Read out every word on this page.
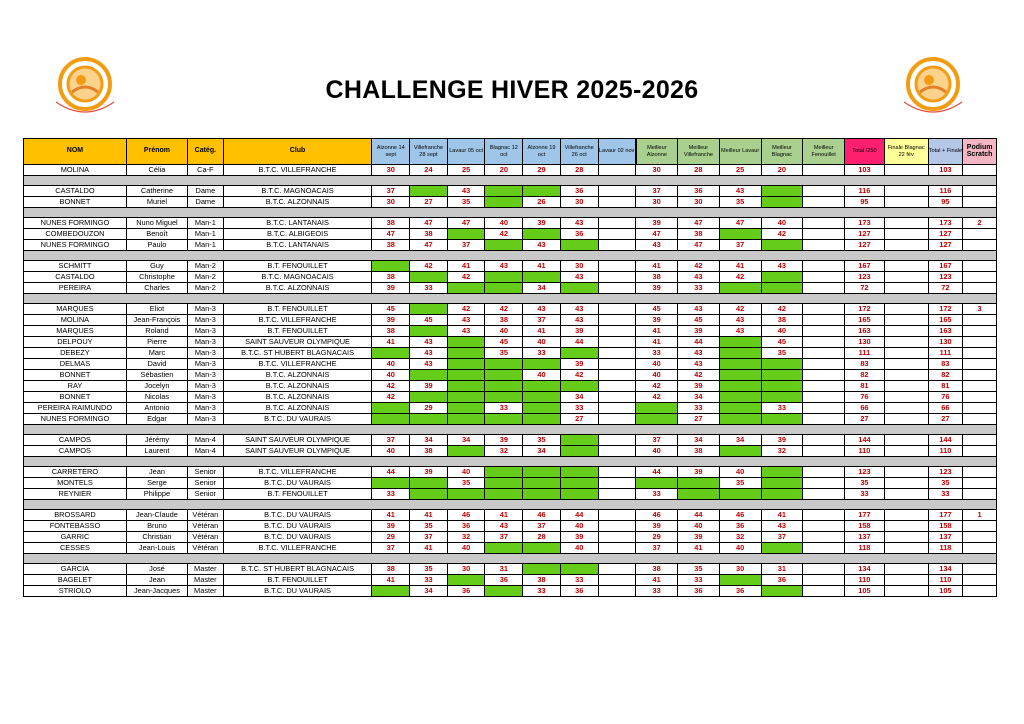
CHALLENGE HIVER 2025-2026
NOM	Prénom	Catég.	Club	Alzonne 14 sept	Villefranche 28 sept	Lavaur 05 oct	Blagnac 12 oct	Alzonne 19 oct	Villefranche 26 oct	Lavaur 02 nov	Meilleur Alzonne	Meilleur Villefranche	Meilleur Lavaur	Meilleur Blagnac	Meilleur Fenouillet	Total /250	Finale Blagnac 22 fév	Total + Finale	Podium Scratch
MOLINA	Célia	Ca-F	B.T.C. VILLEFRANCHE	30	24	25	20	29	28		30	28	25	20		103		103	

CASTALDO	Catherine	Dame	B.T.C. MAGNOACAIS	37		43			36		37	36	43			116		116	
BONNET	Muriel	Dame	B.T.C. ALZONNAIS	30	27	35		26	30		30	30	35			95		95	

NUNES FORMINGO	Nuno Miguel	Man-1	B.T.C. LANTANAIS	38	47	47	40	39	43		39	47	47	40		173		173	2
COMBEDOUZON	Benoît	Man-1	B.T.C. ALBIGEOIS	47	38		42		36		47	38		42		127		127	
NUNES FORMINGO	Paulo	Man-1	B.T.C. LANTANAIS	38	47	37		43			43	47	37			127		127	

SCHMITT	Guy	Man-2	B.T. FENOUILLET		42	41	43	41	30		41	42	41	43		167		167	
CASTALDO	Christophe	Man-2	B.T.C. MAGNOACAIS	38		42			43		38	43	42			123		123	
PEREIRA	Charles	Man-2	B.T.C. ALZONNAIS	39	33			34			39	33				72		72	

MARQUES	Eliot	Man-3	B.T. FENOUILLET	45		42	42	43	43		45	43	42	42		172		172	3
MOLINA	Jean-François	Man-3	B.T.C. VILLEFRANCHE	39	45	43	38	37	43		39	45	43	38		165		165	
MARQUES	Roland	Man-3	B.T. FENOUILLET	38		43	40	41	39		41	39	43	40		163		163	
DELPOUY	Pierre	Man-3	SAINT SAUVEUR OLYMPIQUE	41	43		45	40	44		41	44		45		130		130	
DEBEZY	Marc	Man-3	B.T.C. ST HUBERT BLAGNACAIS		43		35	33			33	43		35		111		111	
DELMAS	David	Man-3	B.T.C. VILLEFRANCHE	40	43				39		40	43				83		83	
BONNET	Sébastien	Man-3	B.T.C. ALZONNAIS	40				40	42		40	42				82		82	
RAY	Jocelyn	Man-3	B.T.C. ALZONNAIS	42	39						42	39				81		81	
BONNET	Nicolas	Man-3	B.T.C. ALZONNAIS	42					34		42	34				76		76	
PEREIRA RAIMUNDO	Antonio	Man-3	B.T.C. ALZONNAIS		29		33		33			33		33		66		66	
NUNES FORMINGO	Edgar	Man-3	B.T.C. DU VAURAIS						27			27				27		27	

CAMPOS	Jérémy	Man-4	SAINT SAUVEUR OLYMPIQUE	37	34	34	39	35			37	34	34	39		144		144	
CAMPOS	Laurent	Man-4	SAINT SAUVEUR OLYMPIQUE	40	38		32	34			40	38		32		110		110	

CARRETERO	Jean	Senior	B.T.C. VILLEFRANCHE	44	39	40					44	39	40			123		123	
MONTELS	Serge	Senior	B.T.C. DU VAURAIS			35							35			35		35	
REYNIER	Philippe	Senior	B.T. FENOUILLET	33							33					33		33	

BROSSARD	Jean-Claude	Vétéran	B.T.C. DU VAURAIS	41	41	46	41	46	44		46	44	46	41		177		177	1
FONTEBASSO	Bruno	Vétéran	B.T.C. DU VAURAIS	39	35	36	43	37	40		39	40	36	43		158		158	
GARRIC	Christian	Vétéran	B.T.C. DU VAURAIS	29	37	32	37	28	39		29	39	32	37		137		137	
CESSES	Jean-Louis	Vétéran	B.T.C. VILLEFRANCHE	37	41	40			40		37	41	40			118		118	

GARCIA	José	Master	B.T.C. ST HUBERT BLAGNACAIS	38	35	30	31				38	35	30	31		134		134	
BAGELET	Jean	Master	B.T. FENOUILLET	41	33		36	38	33		41	33		36		110		110	
STRIOLO	Jean-Jacques	Master	B.T.C. DU VAURAIS		34	36		33	36		33	36	36			105		105	
